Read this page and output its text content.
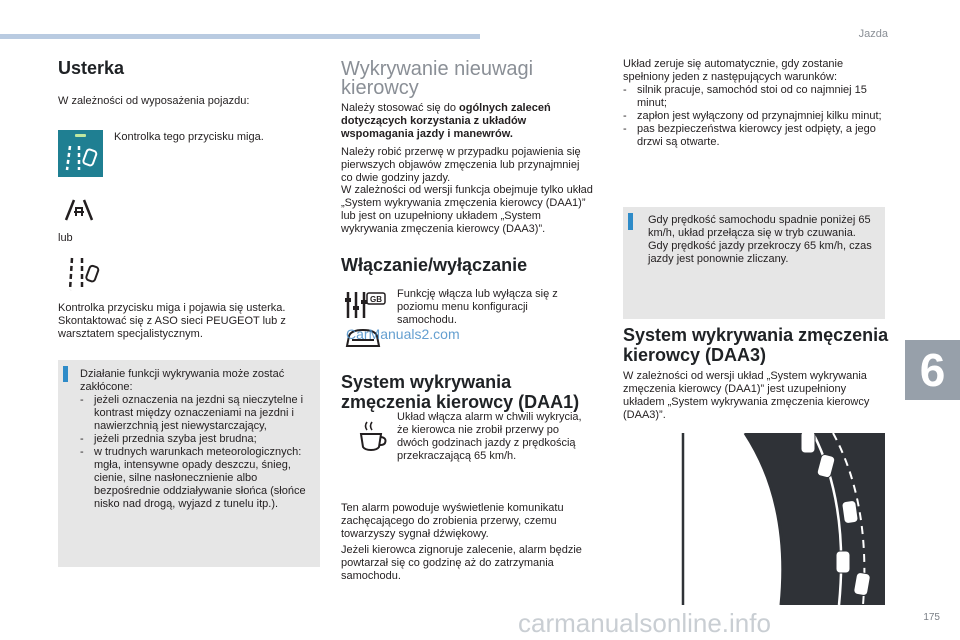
Jazda
Usterka
W zależności od wyposażenia pojazdu:
Kontrolka tego przycisku miga.
lub
Kontrolka przycisku miga i pojawia się usterka. Skontaktować się z ASO sieci PEUGEOT lub z warsztatem specjalistycznym.
Działanie funkcji wykrywania może zostać zakłócone:
- jeżeli oznaczenia na jezdni są nieczytelne i kontrast między oznaczeniami na jezdni i nawierzchnią jest niewystarczający,
- jeżeli przednia szyba jest brudna;
- w trudnych warunkach meteorologicznych: mgła, intensywne opady deszczu, śnieg, cienie, silne nasłonecznienie albo bezpośrednie oddziaływanie słońca (słońce nisko nad drogą, wyjazd z tunelu itp.).
Wykrywanie nieuwagi kierowcy
Należy stosować się do ogólnych zaleceń dotyczących korzystania z układów wspomagania jazdy i manewrów.
Należy robić przerwę w przypadku pojawienia się pierwszych objawów zmęczenia lub przynajmniej co dwie godziny jazdy.
W zależności od wersji funkcja obejmuje tylko układ „System wykrywania zmęczenia kierowcy (DAA1)” lub jest on uzupełniony układem „System wykrywania zmęczenia kierowcy (DAA3)”.
Włączanie/wyłączanie
GB Funkcję włącza lub wyłącza się z poziomu menu konfiguracji samochodu.
CarManuals2.com
System wykrywania zmęczenia kierowcy (DAA1)
Układ włącza alarm w chwili wykrycia, że kierowca nie zrobił przerwy po dwóch godzinach jazdy z prędkością przekraczającą 65 km/h.
Ten alarm powoduje wyświetlenie komunikatu zachęcającego do zrobienia przerwy, czemu towarzyszy sygnał dźwiękowy.
Jeżeli kierowca zignoruje zalecenie, alarm będzie powtarzał się co godzinę aż do zatrzymania samochodu.
Układ zeruje się automatycznie, gdy zostanie spełniony jeden z następujących warunków:
- silnik pracuje, samochód stoi od co najmniej 15 minut;
- zapłon jest wyłączony od przynajmniej kilku minut;
- pas bezpieczeństwa kierowcy jest odpięty, a jego drzwi są otwarte.
Gdy prędkość samochodu spadnie poniżej 65 km/h, układ przełącza się w tryb czuwania.
Gdy prędkość jazdy przekroczy 65 km/h, czas jazdy jest ponownie zliczany.
System wykrywania zmęczenia kierowcy (DAA3)
W zależności od wersji układ „System wykrywania zmęczenia kierowcy (DAA1)” jest uzupełniony układem „System wykrywania zmęczenia kierowcy (DAA3)”.
6
175
carmanualsonline.info
